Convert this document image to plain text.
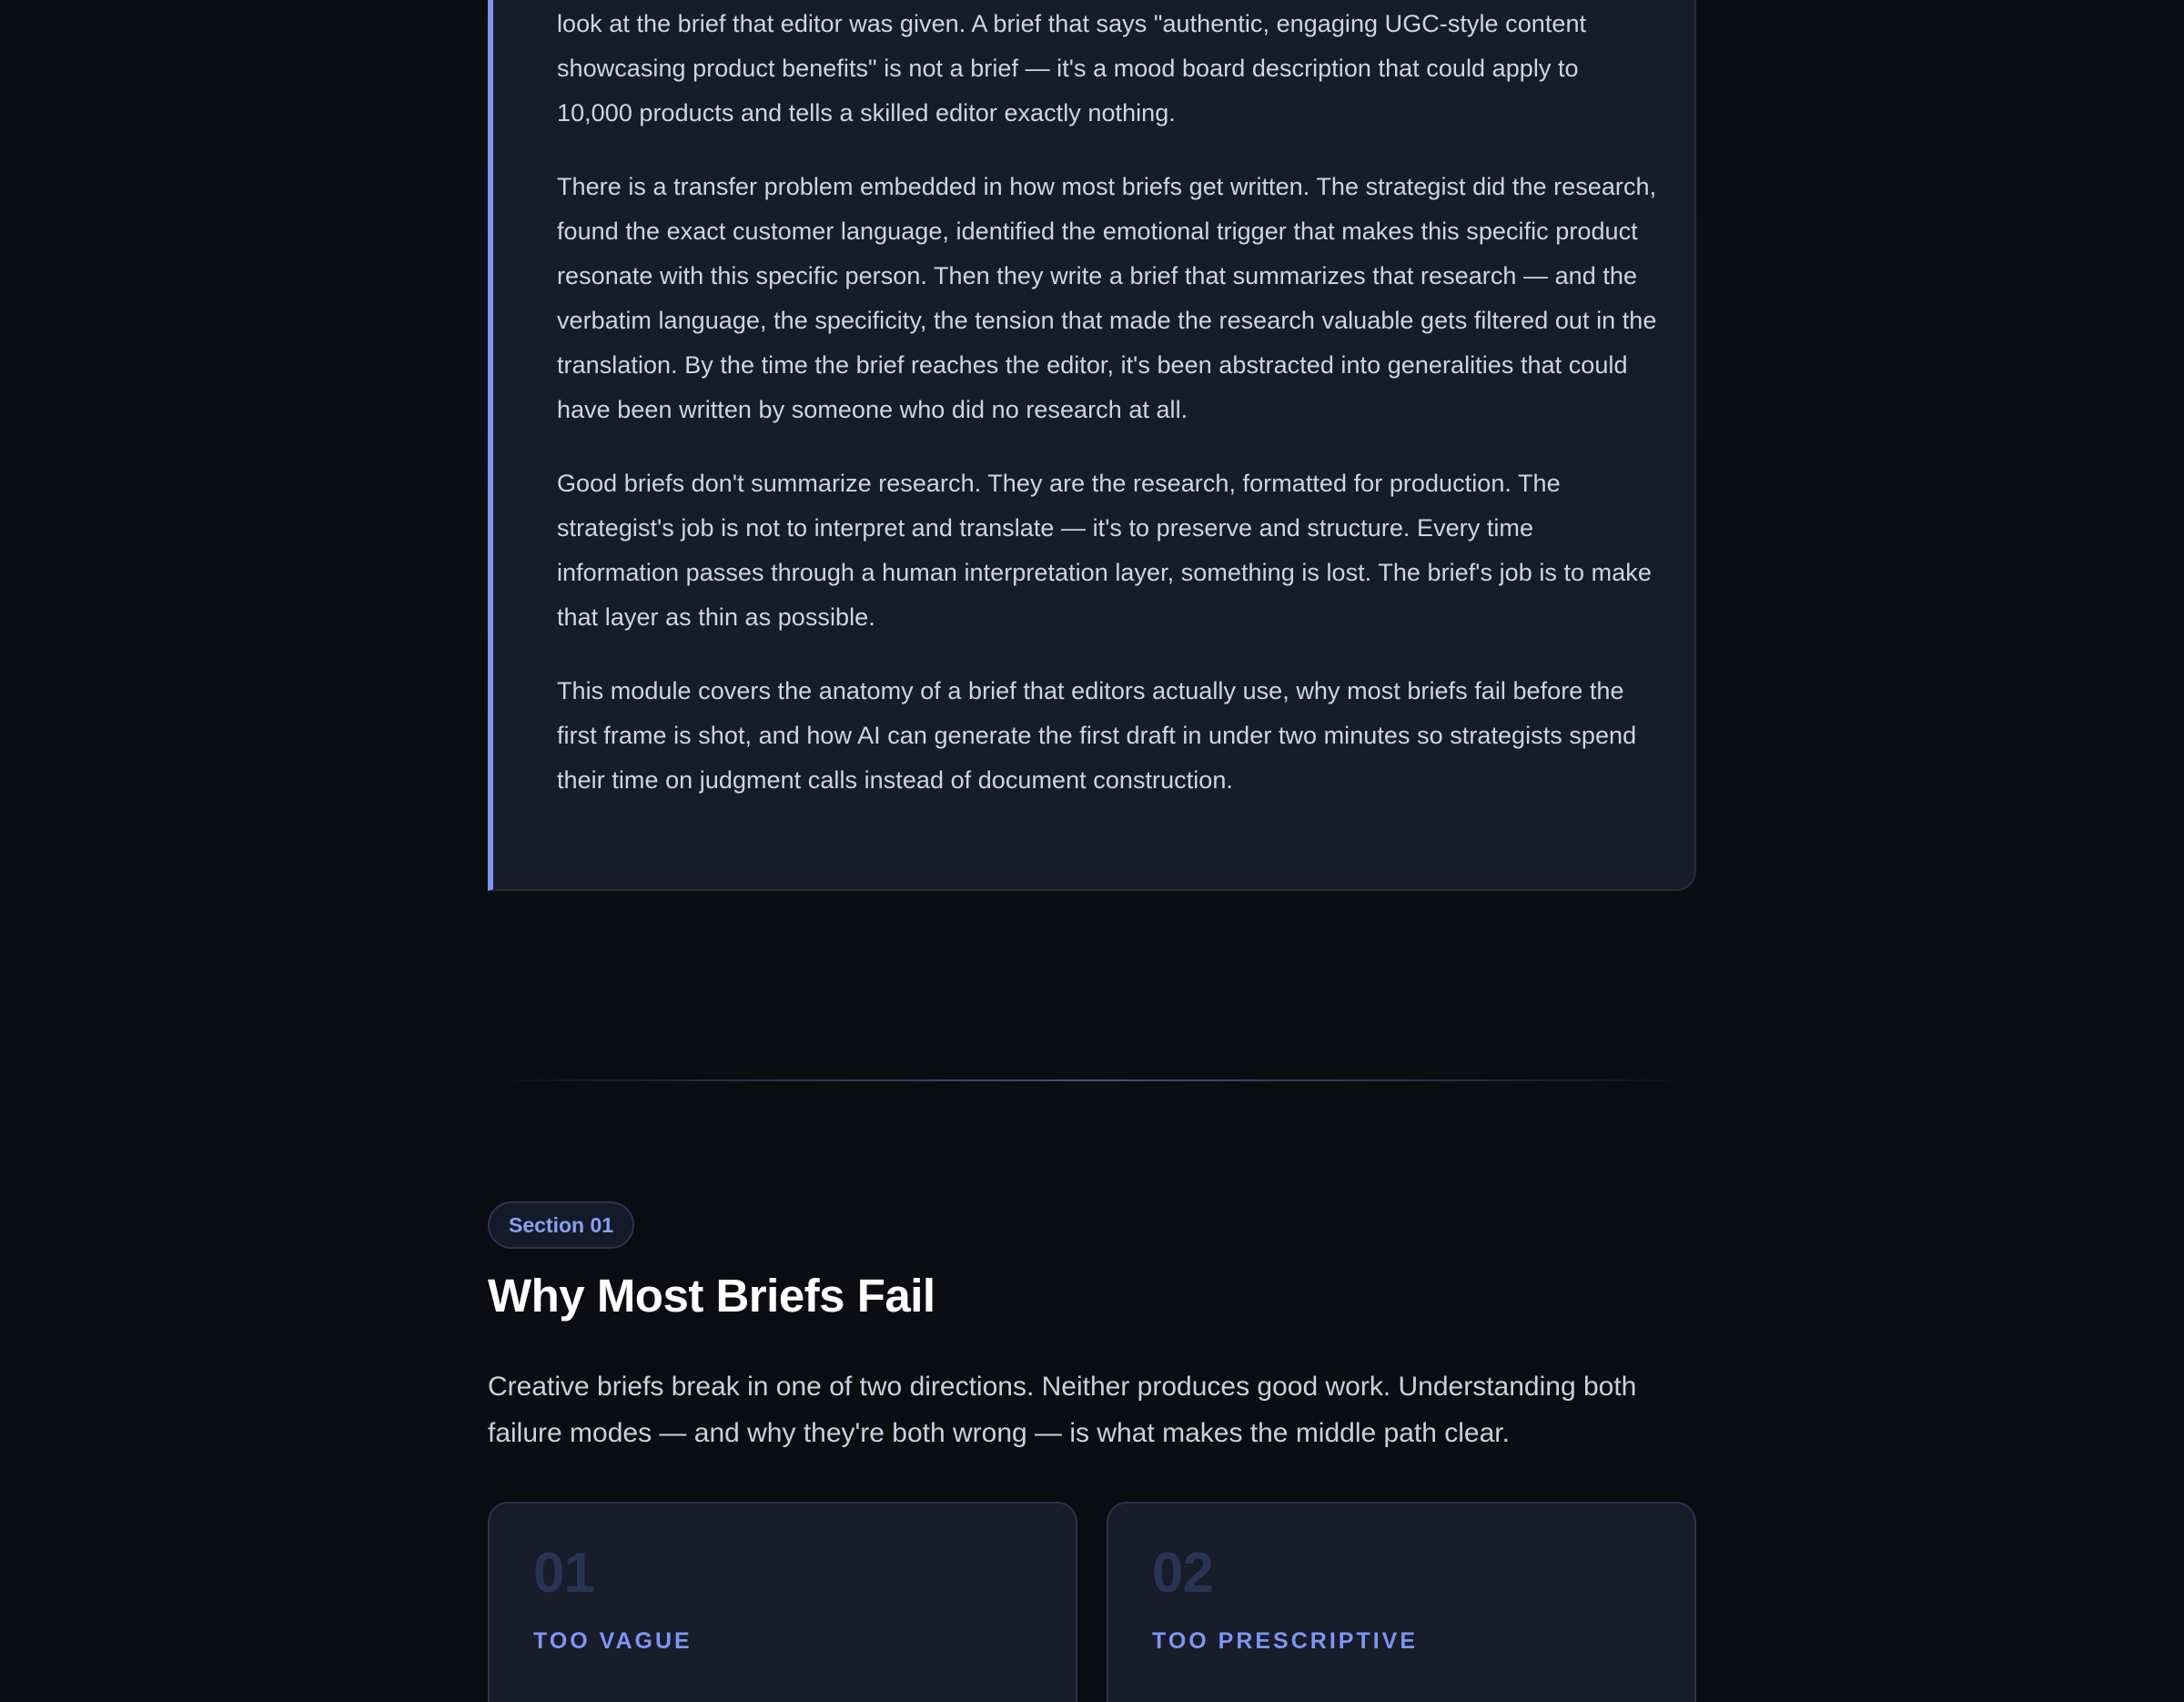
look at the brief that editor was given. A brief that says "authentic, engaging UGC-style content showcasing product benefits" is not a brief — it's a mood board description that could apply to 10,000 products and tells a skilled editor exactly nothing.

There is a transfer problem embedded in how most briefs get written. The strategist did the research, found the exact customer language, identified the emotional trigger that makes this specific product resonate with this specific person. Then they write a brief that summarizes that research — and the verbatim language, the specificity, the tension that made the research valuable gets filtered out in the translation. By the time the brief reaches the editor, it's been abstracted into generalities that could have been written by someone who did no research at all.

Good briefs don't summarize research. They are the research, formatted for production. The strategist's job is not to interpret and translate — it's to preserve and structure. Every time information passes through a human interpretation layer, something is lost. The brief's job is to make that layer as thin as possible.

This module covers the anatomy of a brief that editors actually use, why most briefs fail before the first frame is shot, and how AI can generate the first draft in under two minutes so strategists spend their time on judgment calls instead of document construction.

Section 01
Why Most Briefs Fail

Creative briefs break in one of two directions. Neither produces good work. Understanding both failure modes — and why they're both wrong — is what makes the middle path clear.

01
TOO VAGUE
02
TOO PRESCRIPTIVE
